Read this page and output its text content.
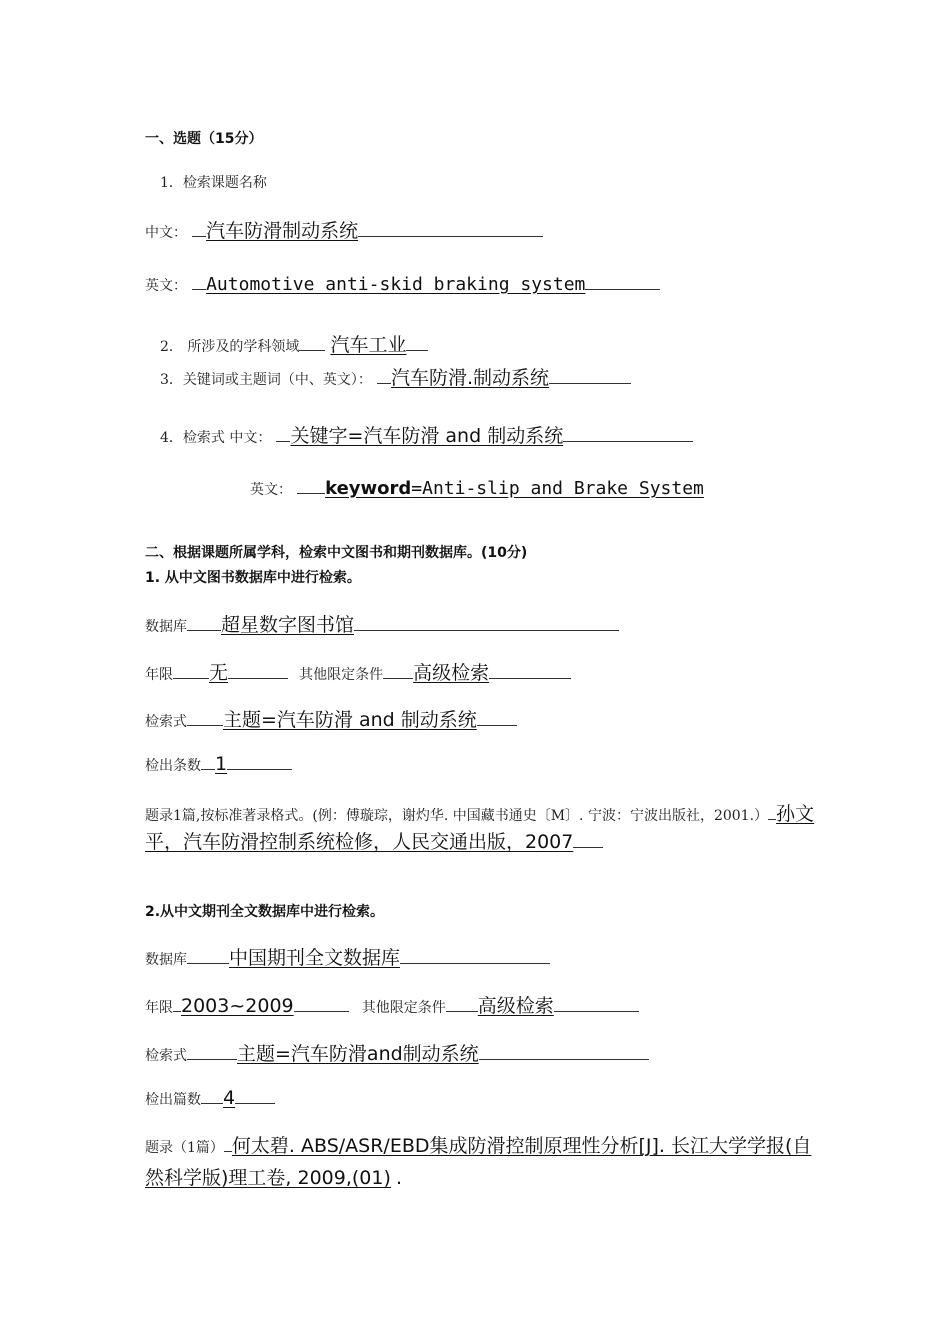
一、选题（15分）
1．检索课题名称
中文： 汽车防滑制动系统
英文： Automotive anti-skid braking system
2． 所涉及的学科领域 汽车工业
3．关键词或主题词（中、英文）： 汽车防滑.制动系统
4．检索式 中文： 关键字=汽车防滑 and 制动系统
英文： keyword=Anti-slip and Brake System
二、根据课题所属学科，检索中文图书和期刊数据库。(10分)
1. 从中文图书数据库中进行检索。
数据库 超星数字图书馆
年限 无	其他限定条件 高级检索
检索式 主题=汽车防滑 and 制动系统
检出条数 1
题录1篇,按标准著录格式。(例：傅璇琮，谢灼华. 中国藏书通史〔M〕. 宁波：宁波出版社，2001.） 孙文平，汽车防滑控制系统检修，人民交通出版，2007
2.从中文期刊全文数据库中进行检索。
数据库 中国期刊全文数据库
年限 2003~2009	其他限定条件 高级检索
检索式	主题=汽车防滑and制动系统
检出篇数 4
题录（1篇） 何太碧. ABS/ASR/EBD集成防滑控制原理性分析[J]. 长江大学学报(自然科学版)理工卷, 2009,(01) .
